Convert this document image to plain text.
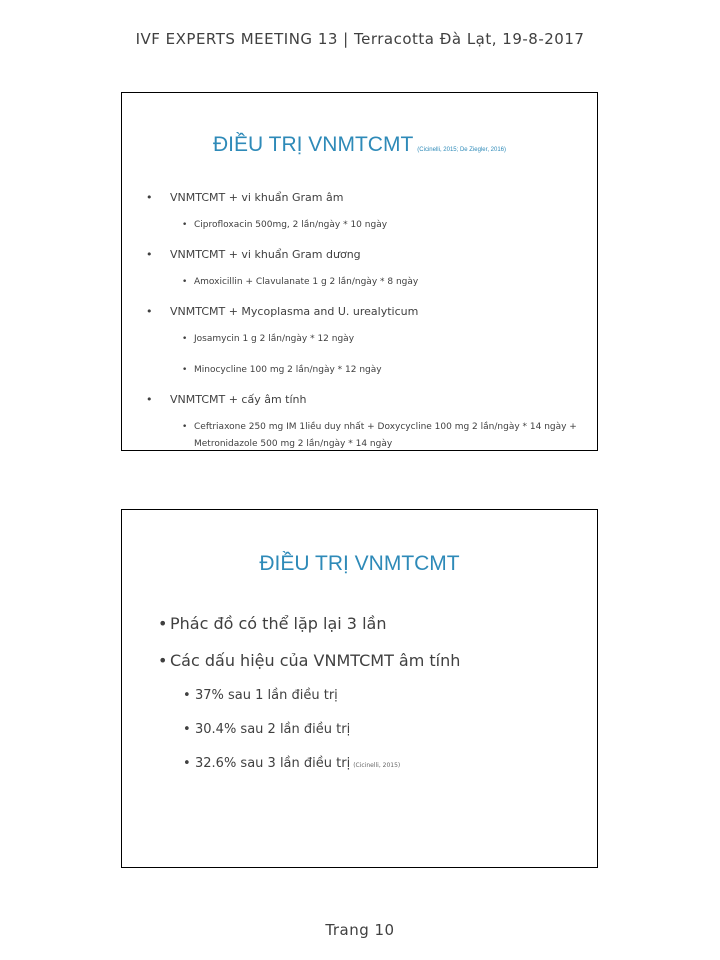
IVF EXPERTS MEETING 13 | Terracotta Đà Lạt, 19-8-2017
ĐIỀU TRỊ VNMTCMT (Cicinelli, 2015; De Ziegler, 2016)
• VNMTCMT + vi khuẩn Gram âm
• Ciprofloxacin 500mg, 2 lần/ngày * 10 ngày
• VNMTCMT + vi khuẩn Gram dương
• Amoxicillin + Clavulanate 1 g 2 lần/ngày * 8 ngày
• VNMTCMT + Mycoplasma and U. urealyticum
• Josamycin 1 g 2 lần/ngày * 12 ngày
• Minocycline 100 mg 2 lần/ngày * 12 ngày
• VNMTCMT + cấy âm tính
• Ceftriaxone 250 mg IM 1liều duy nhất + Doxycycline 100 mg 2 lần/ngày * 14 ngày + Metronidazole 500 mg 2 lần/ngày * 14 ngày
ĐIỀU TRỊ VNMTCMT
• Phác đồ có thể lặp lại 3 lần
• Các dấu hiệu của VNMTCMT âm tính
• 37% sau 1 lần điều trị
• 30.4% sau 2 lần điều trị
• 32.6% sau 3 lần điều trị (Cicinelli, 2015)
Trang 10
